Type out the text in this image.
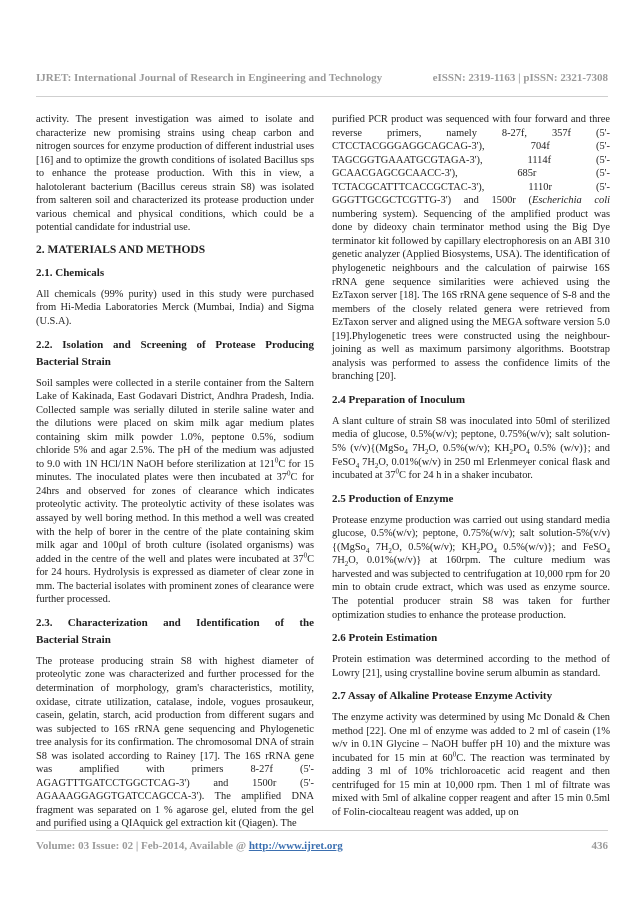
IJRET: International Journal of Research in Engineering and Technology	eISSN: 2319-1163 | pISSN: 2321-7308

activity. The present investigation was aimed to isolate and characterize new promising strains using cheap carbon and nitrogen sources for enzyme production of different industrial uses [16] and to optimize the growth conditions of isolated Bacillus sps to enhance the protease production. With this in view, a halotolerant bacterium (Bacillus cereus strain S8) was isolated from salteren soil and characterized its protease production under various chemical and physical conditions, which could be a potential candidate for industrial use.

2. MATERIALS AND METHODS
2.1. Chemicals

All chemicals (99% purity) used in this study were purchased from Hi-Media Laboratories Merck (Mumbai, India) and Sigma (U.S.A).

2.2. Isolation and Screening of Protease Producing
Bacterial Strain

Soil samples were collected in a sterile container from the Saltern Lake of Kakinada, East Godavari District, Andhra Pradesh, India. Collected sample was serially diluted in sterile saline water and the dilutions were placed on skim milk agar medium plates containing skim milk powder 1.0%, peptone 0.5%, sodium chloride 5% and agar 2.5%. The pH of the medium was adjusted to 9.0 with 1N HCl/1N NaOH before sterilization at $121^0C$ for 15 minutes. The inoculated plates were then incubated at $37^0C$ for 24hrs and observed for zones of clearance which indicates proteolytic activity. The proteolytic activity of these isolates was assayed by well boring method. In this method a well was created with the help of borer in the centre of the plate containing skim milk agar and 100µl of broth culture (isolated organisms) was added in the centre of the well and plates were incubated at $37^0C$ for 24 hours. Hydrolysis is expressed as diameter of clear zone in mm. The bacterial isolates with prominent zones of clearance were further processed.

2.3. Characterization and Identification of the
Bacterial Strain

The protease producing strain S8 with highest diameter of proteolytic zone was characterized and further processed for the determination of morphology, gram's characteristics, motility, oxidase, citrate utilization, catalase, indole, vogues prosaukeur, casein, gelatin, starch, acid production from different sugars and was subjected to 16S rRNA gene sequencing and Phylogenetic tree analysis for its confirmation. The chromosomal DNA of strain S8 was isolated according to Rainey [17]. The 16S rRNA gene was amplified with primers 8-27f (5'-AGAGTTTGATCCTGGCTCAG-3') and 1500r (5'-AGAAAGGAGGTGATCCAGCCA-3'). The amplified DNA fragment was separated on 1 % agarose gel, eluted from the gel and purified using a QIAquick gel extraction kit (Qiagen). The

purified PCR product was sequenced with four forward and three reverse primers, namely 8-27f, 357f (5'-CTCCTACGGGAGGCAGCAG-3'), 704f (5'-TAGCGGTGAAATGCGTAGA-3'), 1114f (5'-GCAACGAGCGCAACC-3'), 685r (5'-TCTACGCATTTCACCGCTAC-3'), 1110r (5'-GGGTTGCGCTCGTTG-3') and 1500r (Escherichia coli numbering system). Sequencing of the amplified product was done by dideoxy chain terminator method using the Big Dye terminator kit followed by capillary electrophoresis on an ABI 310 genetic analyzer (Applied Biosystems, USA). The identification of phylogenetic neighbours and the calculation of pairwise 16S rRNA gene sequence similarities were achieved using the EzTaxon server [18]. The 16S rRNA gene sequence of S-8 and the members of the closely related genera were retrieved from EzTaxon server and aligned using the MEGA software version 5.0 [19].Phylogenetic trees were constructed using the neighbour-joining as well as maximum parsimony algorithms. Bootstrap analysis was performed to assess the confidence limits of the branching [20].

2.4 Preparation of Inoculum

A slant culture of strain S8 was inoculated into 50ml of sterilized media of glucose, 0.5%(w/v); peptone, 0.75%(w/v); salt solution- 5% (v/v){(MgSo$_4$ $7H_2O$, 0.5%(w/v); $KH_2PO_4$ 0.5% (w/v)}; and FeSO$_4$ $7H_2O$, 0.01%(w/v) in 250 ml Erlenmeyer conical flask and incubated at $37^0C$ for 24 h in a shaker incubator.

2.5 Production of Enzyme

Protease enzyme production was carried out using standard media glucose, 0.5%(w/v); peptone, 0.75%(w/v); salt solution-5%(v/v) {(MgSo$_4$ $7H_2O$, 0.5%(w/v); $KH_2PO_4$ 0.5%(w/v)}; and FeSO$_4$ $7H_2O$, 0.01%(w/v)} at 160rpm. The culture medium was harvested and was subjected to centrifugation at 10,000 rpm for 20 min to obtain crude extract, which was used as enzyme source. The potential producer strain S8 was taken for further optimization studies to enhance the protease production.

2.6 Protein Estimation

Protein estimation was determined according to the method of Lowry [21], using crystalline bovine serum albumin as standard.

2.7 Assay of Alkaline Protease Enzyme Activity

The enzyme activity was determined by using Mc Donald & Chen method [22]. One ml of enzyme was added to 2 ml of casein (1% w/v in 0.1N Glycine – NaOH buffer pH 10) and the mixture was incubated for 15 min at $60^0C$. The reaction was terminated by adding 3 ml of 10% trichloroacetic acid reagent and then centrifuged for 15 min at 10,000 rpm. Then 1 ml of filtrate was mixed with 5ml of alkaline copper reagent and after 15 min 0.5ml of Folin-ciocalteau reagent was added, up on

Volume: 03 Issue: 02 | Feb-2014, Available @ http://www.ijret.org	436
